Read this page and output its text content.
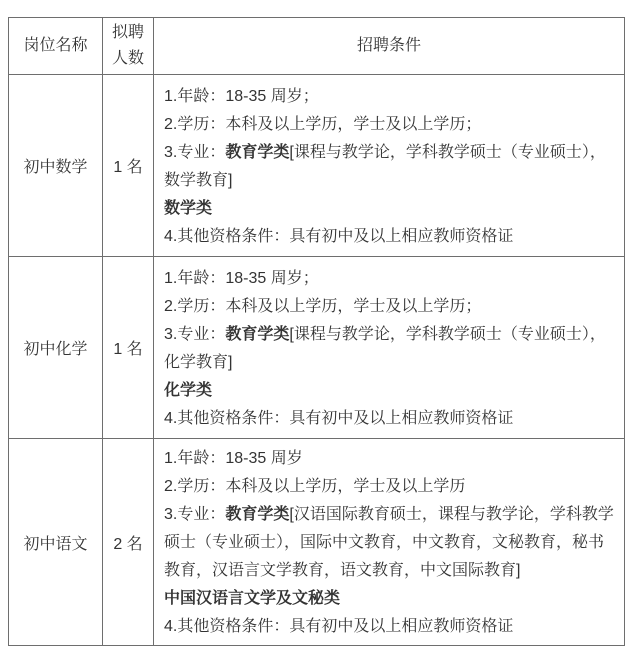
岗位名称	拟聘人数	招聘条件
初中数学	1 名	1.年龄：18-35 周岁；

2.学历：本科及以上学历，学士及以上学历；

3.专业：教育学类[课程与教学论，学科教学硕士（专业硕士），数学教育]

数学类

4.其他资格条件：具有初中及以上相应教师资格证

初中化学	1 名	1.年龄：18-35 周岁；

2.学历：本科及以上学历，学士及以上学历；

3.专业：教育学类[课程与教学论，学科教学硕士（专业硕士），化学教育]

化学类

4.其他资格条件：具有初中及以上相应教师资格证

初中语文	2 名	1.年龄：18-35 周岁

2.学历：本科及以上学历，学士及以上学历

3.专业：教育学类[汉语国际教育硕士，课程与教学论，学科教学硕士（专业硕士），国际中文教育，中文教育，文秘教育，秘书教育，汉语言文学教育，语文教育，中文国际教育]

中国汉语言文学及文秘类

4.其他资格条件：具有初中及以上相应教师资格证
